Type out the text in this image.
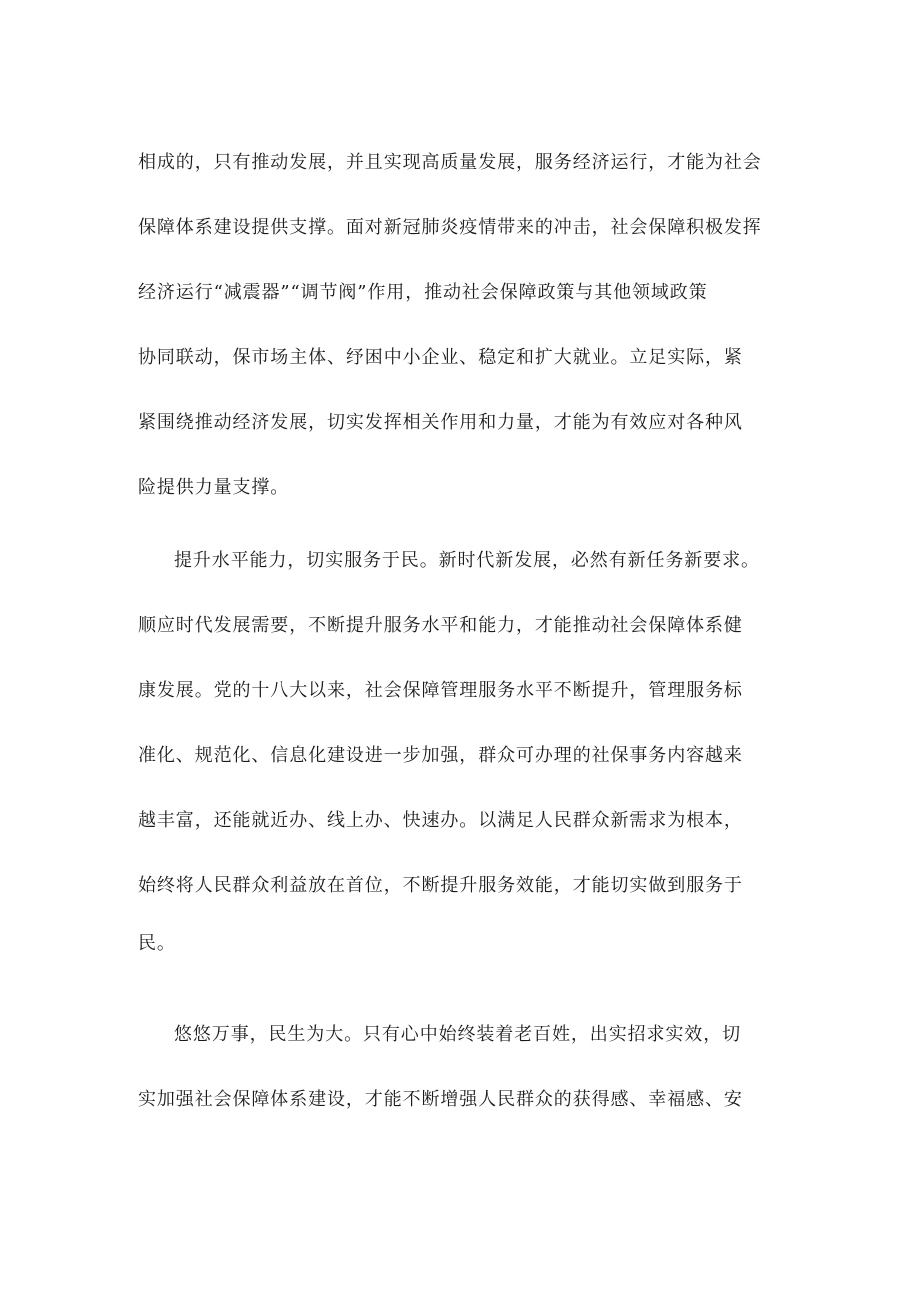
相成的，只有推动发展，并且实现高质量发展，服务经济运行，才能为社会

保障体系建设提供支撑。面对新冠肺炎疫情带来的冲击，社会保障积极发挥

经济运行“减震器”“调节阀”作用，推动社会保障政策与其他领域政策

协同联动，保市场主体、纾困中小企业、稳定和扩大就业。立足实际，紧

紧围绕推动经济发展，切实发挥相关作用和力量，才能为有效应对各种风

险提供力量支撑。

提升水平能力，切实服务于民。新时代新发展，必然有新任务新要求。

顺应时代发展需要，不断提升服务水平和能力，才能推动社会保障体系健

康发展。党的十八大以来，社会保障管理服务水平不断提升，管理服务标

准化、规范化、信息化建设进一步加强，群众可办理的社保事务内容越来

越丰富，还能就近办、线上办、快速办。以满足人民群众新需求为根本，

始终将人民群众利益放在首位，不断提升服务效能，才能切实做到服务于

民。

悠悠万事，民生为大。只有心中始终装着老百姓，出实招求实效，切

实加强社会保障体系建设，才能不断增强人民群众的获得感、幸福感、安
